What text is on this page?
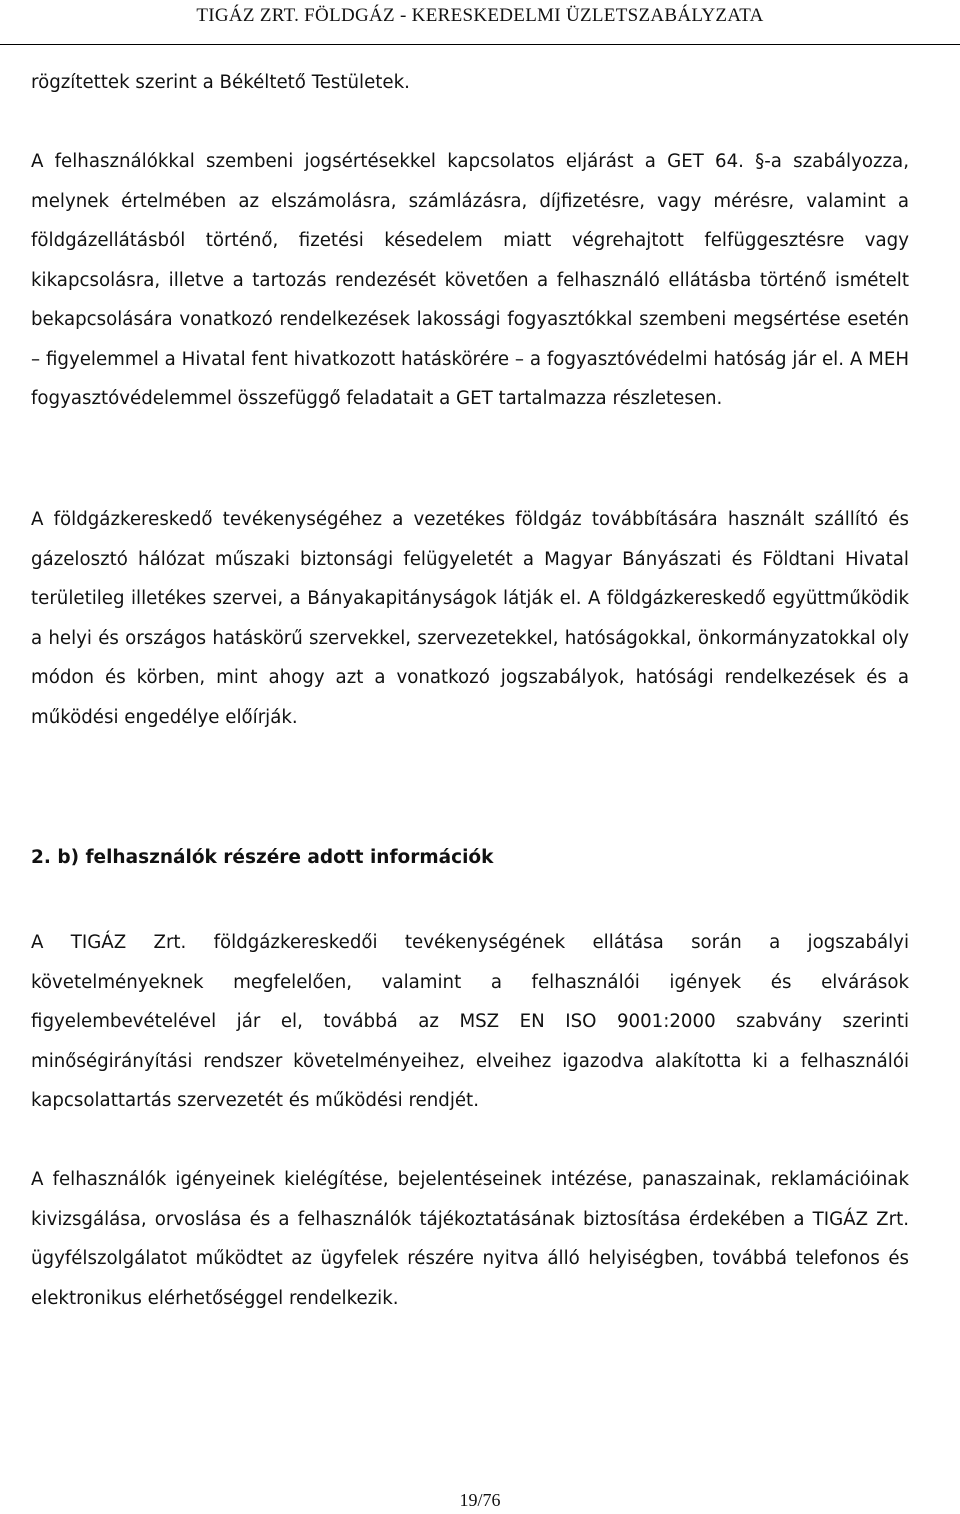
TIGÁZ ZRT. FÖLDGÁZ - KERESKEDELMI ÜZLETSZABÁLYZATA

rögzítettek szerint a Békéltető Testületek.

A felhasználókkal szembeni jogsértésekkel kapcsolatos eljárást a GET 64. §-a szabályozza, melynek értelmében az elszámolásra, számlázásra, díjfizetésre, vagy mérésre, valamint a földgázellátásból történő, fizetési késedelem miatt végrehajtott felfüggesztésre vagy kikapcsolásra, illetve a tartozás rendezését követően a felhasználó ellátásba történő ismételt bekapcsolására vonatkozó rendelkezések lakossági fogyasztókkal szembeni megsértése esetén – figyelemmel a Hivatal fent hivatkozott hatáskörére – a fogyasztóvédelmi hatóság jár el. A MEH fogyasztóvédelemmel összefüggő feladatait a GET tartalmazza részletesen.

A földgázkereskedő tevékenységéhez a vezetékes földgáz továbbítására használt szállító és gázelosztó hálózat műszaki biztonsági felügyeletét a Magyar Bányászati és Földtani Hivatal területileg illetékes szervei, a Bányakapitányságok látják el. A földgázkereskedő együttműködik a helyi és országos hatáskörű szervekkel, szervezetekkel, hatóságokkal, önkormányzatokkal oly módon és körben, mint ahogy azt a vonatkozó jogszabályok, hatósági rendelkezések és a működési engedélye előírják.

2. b) felhasználók részére adott információk

A TIGÁZ Zrt. földgázkereskedői tevékenységének ellátása során a jogszabályi követelményeknek megfelelően, valamint a felhasználói igények és elvárások figyelembevételével jár el, továbbá az MSZ EN ISO 9001:2000 szabvány szerinti minőségirányítási rendszer követelményeihez, elveihez igazodva alakította ki a felhasználói kapcsolattartás szervezetét és működési rendjét.

A felhasználók igényeinek kielégítése, bejelentéseinek intézése, panaszainak, reklamációinak kivizsgálása, orvoslása és a felhasználók tájékoztatásának biztosítása érdekében a TIGÁZ Zrt. ügyfélszolgálatot működtet az ügyfelek részére nyitva álló helyiségben, továbbá telefonos és elektronikus elérhetőséggel rendelkezik.

19/76
